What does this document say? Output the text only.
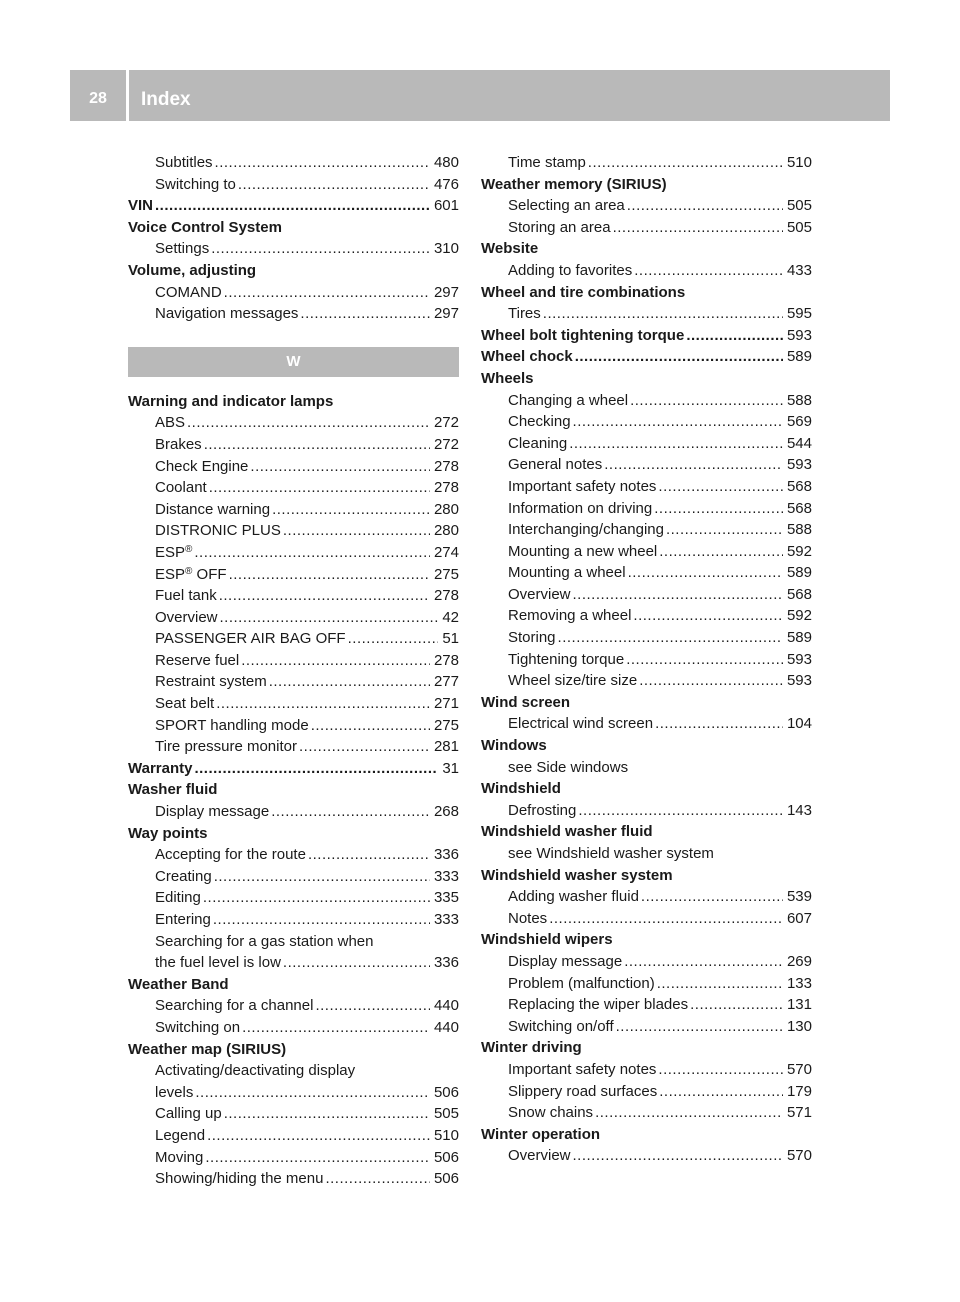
28	Index
Subtitles .....	480
Switching to .....	476
VIN .....	601
Voice Control System
Settings .....	310
Volume, adjusting
COMAND .....	297
Navigation messages .....	297
W
Warning and indicator lamps
ABS .....	272
Brakes .....	272
Check Engine .....	278
Coolant .....	278
Distance warning .....	280
DISTRONIC PLUS .....	280
ESP® .....	274
ESP® OFF .....	275
Fuel tank .....	278
Overview .....	42
PASSENGER AIR BAG OFF .....	51
Reserve fuel .....	278
Restraint system .....	277
Seat belt .....	271
SPORT handling mode .....	275
Tire pressure monitor .....	281
Warranty .....	31
Washer fluid
Display message .....	268
Way points
Accepting for the route .....	336
Creating .....	333
Editing .....	335
Entering .....	333
Searching for a gas station when
the fuel level is low .....	336
Weather Band
Searching for a channel .....	440
Switching on .....	440
Weather map (SIRIUS)
Activating/deactivating display
levels .....	506
Calling up .....	505
Legend .....	510
Moving .....	506
Showing/hiding the menu .....	506
Time stamp .....	510
Weather memory (SIRIUS)
Selecting an area .....	505
Storing an area .....	505
Website
Adding to favorites .....	433
Wheel and tire combinations
Tires .....	595
Wheel bolt tightening torque .....	593
Wheel chock .....	589
Wheels
Changing a wheel .....	588
Checking .....	569
Cleaning .....	544
General notes .....	593
Important safety notes .....	568
Information on driving .....	568
Interchanging/changing .....	588
Mounting a new wheel .....	592
Mounting a wheel .....	589
Overview .....	568
Removing a wheel .....	592
Storing .....	589
Tightening torque .....	593
Wheel size/tire size .....	593
Wind screen
Electrical wind screen .....	104
Windows
see Side windows
Windshield
Defrosting .....	143
Windshield washer fluid
see Windshield washer system
Windshield washer system
Adding washer fluid .....	539
Notes .....	607
Windshield wipers
Display message .....	269
Problem (malfunction) .....	133
Replacing the wiper blades .....	131
Switching on/off .....	130
Winter driving
Important safety notes .....	570
Slippery road surfaces .....	179
Snow chains .....	571
Winter operation
Overview .....	570
